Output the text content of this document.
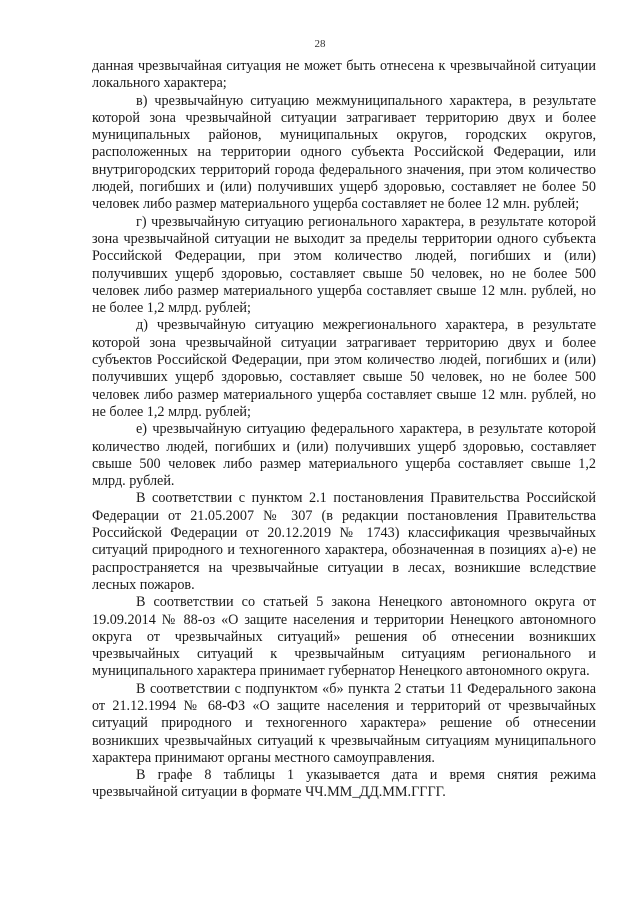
28

данная чрезвычайная ситуация не может быть отнесена к чрезвычайной ситуации локального характера;

в) чрезвычайную ситуацию межмуниципального характера, в результате которой зона чрезвычайной ситуации затрагивает территорию двух и более муниципальных районов, муниципальных округов, городских округов, расположенных на территории одного субъекта Российской Федерации, или внутригородских территорий города федерального значения, при этом количество людей, погибших и (или) получивших ущерб здоровью, составляет не более 50 человек либо размер материального ущерба составляет не более 12 млн. рублей;

г) чрезвычайную ситуацию регионального характера, в результате которой зона чрезвычайной ситуации не выходит за пределы территории одного субъекта Российской Федерации, при этом количество людей, погибших и (или) получивших ущерб здоровью, составляет свыше 50 человек, но не более 500 человек либо размер материального ущерба составляет свыше 12 млн. рублей, но не более 1,2 млрд. рублей;

д) чрезвычайную ситуацию межрегионального характера, в результате которой зона чрезвычайной ситуации затрагивает территорию двух и более субъектов Российской Федерации, при этом количество людей, погибших и (или) получивших ущерб здоровью, составляет свыше 50 человек, но не более 500 человек либо размер материального ущерба составляет свыше 12 млн. рублей, но не более 1,2 млрд. рублей;

е) чрезвычайную ситуацию федерального характера, в результате которой количество людей, погибших и (или) получивших ущерб здоровью, составляет свыше 500 человек либо размер материального ущерба составляет свыше 1,2 млрд. рублей.

В соответствии с пунктом 2.1 постановления Правительства Российской Федерации от 21.05.2007 № 307 (в редакции постановления Правительства Российской Федерации от 20.12.2019 № 1743) классификация чрезвычайных ситуаций природного и техногенного характера, обозначенная в позициях а)-е) не распространяется на чрезвычайные ситуации в лесах, возникшие вследствие лесных пожаров.

В соответствии со статьей 5 закона Ненецкого автономного округа от 19.09.2014 № 88-оз «О защите населения и территории Ненецкого автономного округа от чрезвычайных ситуаций» решения об отнесении возникших чрезвычайных ситуаций к чрезвычайным ситуациям регионального и муниципального характера принимает губернатор Ненецкого автономного округа.

В соответствии с подпунктом «б» пункта 2 статьи 11 Федерального закона от 21.12.1994 № 68-ФЗ «О защите населения и территорий от чрезвычайных ситуаций природного и техногенного характера» решение об отнесении возникших чрезвычайных ситуаций к чрезвычайным ситуациям муниципального характера принимают органы местного самоуправления.

В графе 8 таблицы 1 указывается дата и время снятия режима чрезвычайной ситуации в формате ЧЧ.ММ_ДД.ММ.ГГГГ.
